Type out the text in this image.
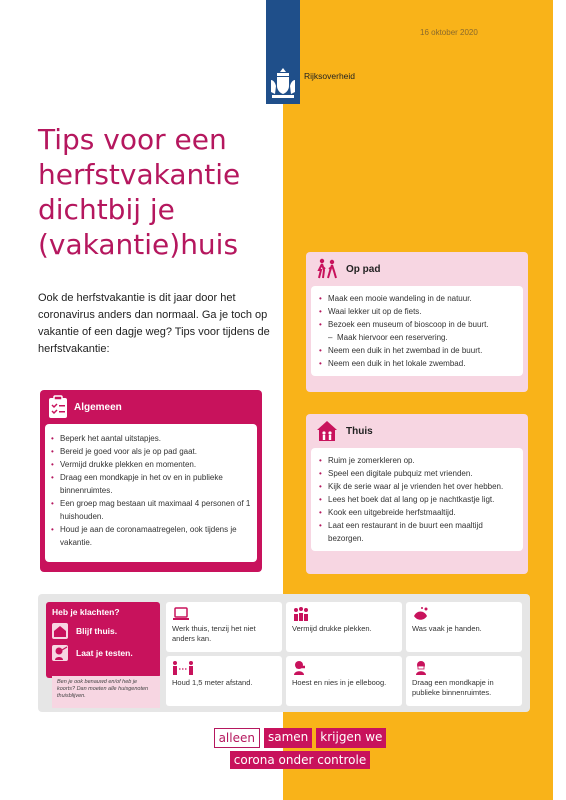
16 oktober 2020
Rijksoverheid
Tips voor een herfstvakantie dichtbij je (vakantie)huis

Ook de herfstvakantie is dit jaar door het coronavirus anders dan normaal. Ga je toch op vakantie of een dagje weg? Tips voor tijdens de herfstvakantie:

Algemeen
• Beperk het aantal uitstapjes.
• Bereid je goed voor als je op pad gaat.
• Vermijd drukke plekken en momenten.
• Draag een mondkapje in het ov en in publieke binnenruimtes.
• Een groep mag bestaan uit maximaal 4 personen of 1 huishouden.
• Houd je aan de coronamaatregelen, ook tijdens je vakantie.
Op pad
• Maak een mooie wandeling in de natuur.
• Waai lekker uit op de fiets.
• Bezoek een museum of bioscoop in de buurt.
– Maak hiervoor een reservering.
• Neem een duik in het zwembad in de buurt.
• Neem een duik in het lokale zwembad.
Thuis
• Ruim je zomerkleren op.
• Speel een digitale pubquiz met vrienden.
• Kijk de serie waar al je vrienden het over hebben.
• Lees het boek dat al lang op je nachtkastje ligt.
• Kook een uitgebreide herfstmaaltijd.
• Laat een restaurant in de buurt een maaltijd bezorgen.
Heb je klachten?
Blijf thuis.
Laat je testen.
Ben je ook benauwd en/of heb je koorts? Dan moeten alle huisgenoten thuisblijven.
Werk thuis, tenzij het niet anders kan.
Vermijd drukke plekken.	Was vaak je handen.
Houd 1,5 meter afstand.	Hoest en nies in je elleboog.	Draag een mondkapje in publieke binnenruimtes.
alleen	samen	krijgen we
corona onder controle
